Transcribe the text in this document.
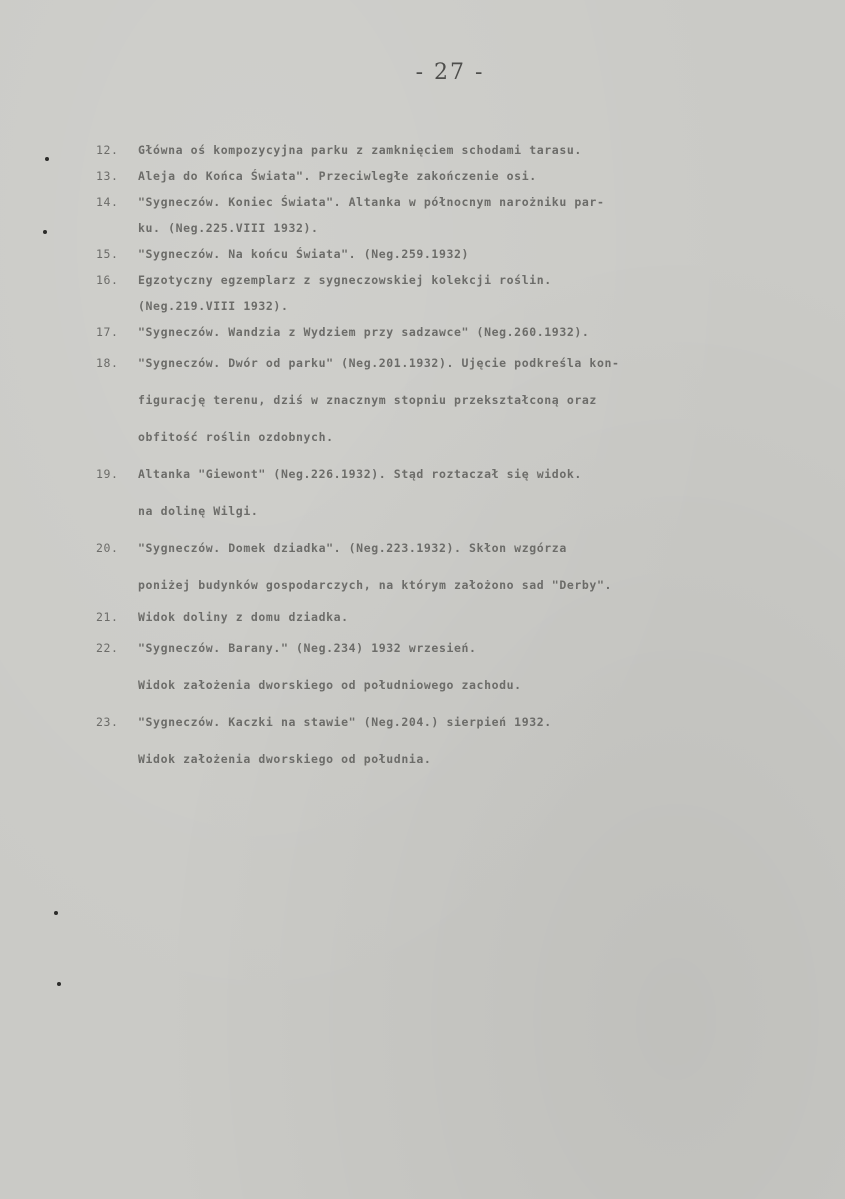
- 27 -
12.	Główna oś kompozycyjna parku z zamknięciem schodami tarasu.
13.	Aleja do Końca Świata". Przeciwległe zakończenie osi.
14.	"Sygneczów. Koniec Świata". Altanka w północnym narożniku par-
ku. (Neg.225.VIII 1932).
15.	"Sygneczów. Na końcu Świata". (Neg.259.1932)
16.	Egzotyczny egzemplarz z sygneczowskiej kolekcji roślin.
(Neg.219.VIII 1932).
17.	"Sygneczów. Wandzia z Wydziem przy sadzawce" (Neg.260.1932).
18.	"Sygneczów. Dwór od parku" (Neg.201.1932). Ujęcie podkreśla kon-
figurację terenu, dziś w znacznym stopniu przekształconą oraz
obfitość roślin ozdobnych.
19.	Altanka "Giewont" (Neg.226.1932). Stąd roztaczał się widok.
na dolinę Wilgi.
20.	"Sygneczów. Domek dziadka". (Neg.223.1932). Skłon wzgórza
poniżej budynków gospodarczych, na którym założono sad "Derby".
21.	Widok doliny z domu dziadka.
22.	"Sygneczów. Barany." (Neg.234) 1932 wrzesień.
Widok założenia dworskiego od południowego zachodu.
23.	"Sygneczów. Kaczki na stawie" (Neg.204.) sierpień 1932.
Widok założenia dworskiego od południa.
